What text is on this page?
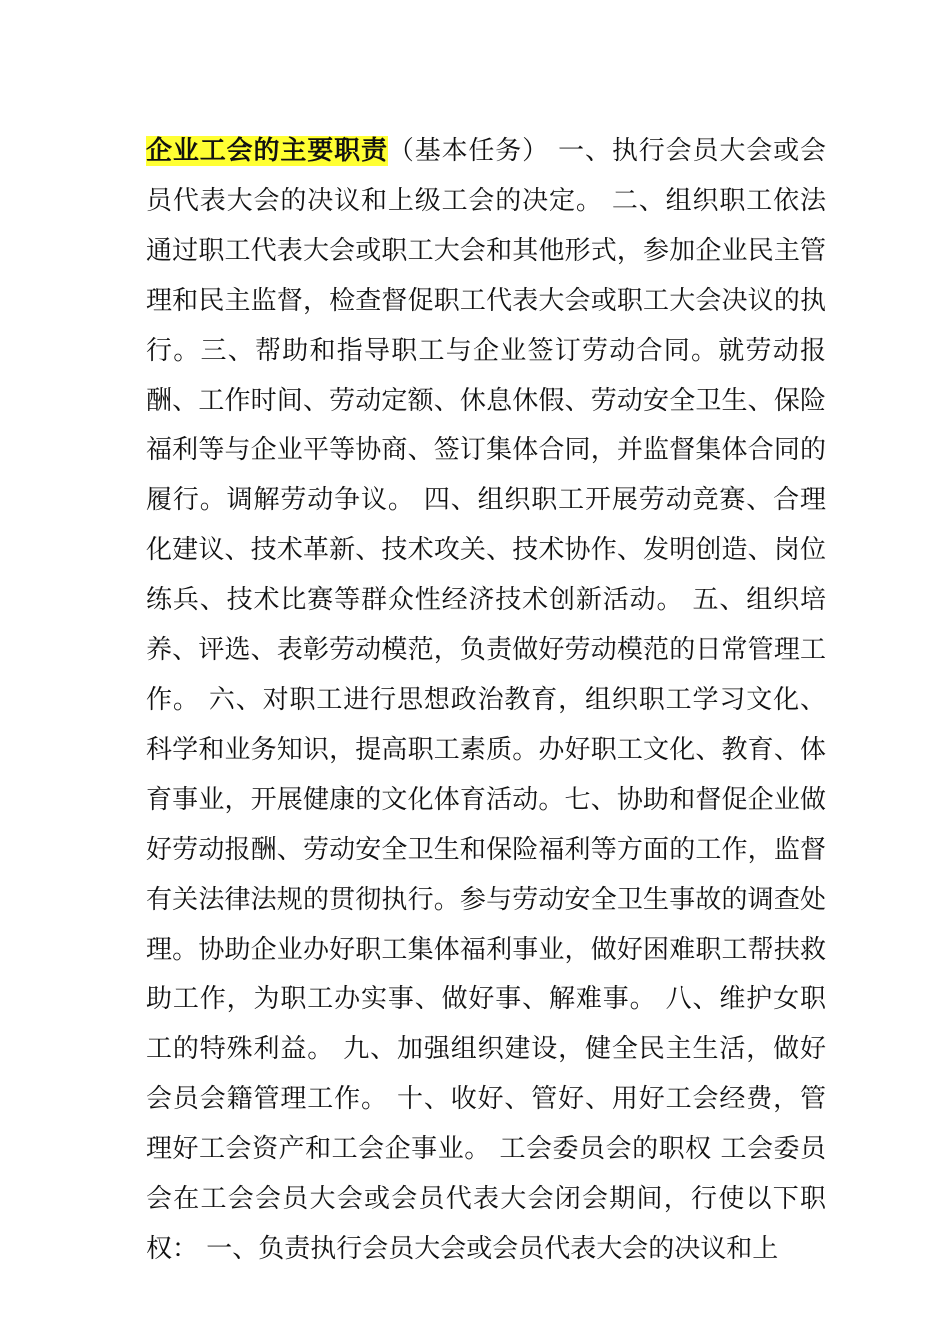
企业工会的主要职责（基本任务） 一、执行会员大会或会员代表大会的决议和上级工会的决定。 二、组织职工依法通过职工代表大会或职工大会和其他形式，参加企业民主管理和民主监督，检查督促职工代表大会或职工大会决议的执行。三、帮助和指导职工与企业签订劳动合同。就劳动报酬、工作时间、劳动定额、休息休假、劳动安全卫生、保险福利等与企业平等协商、签订集体合同，并监督集体合同的履行。调解劳动争议。 四、组织职工开展劳动竞赛、合理化建议、技术革新、技术攻关、技术协作、发明创造、岗位练兵、技术比赛等群众性经济技术创新活动。 五、组织培养、评选、表彰劳动模范，负责做好劳动模范的日常管理工作。 六、对职工进行思想政治教育，组织职工学习文化、科学和业务知识，提高职工素质。办好职工文化、教育、体育事业，开展健康的文化体育活动。七、协助和督促企业做好劳动报酬、劳动安全卫生和保险福利等方面的工作，监督有关法律法规的贯彻执行。参与劳动安全卫生事故的调查处理。协助企业办好职工集体福利事业，做好困难职工帮扶救助工作，为职工办实事、做好事、解难事。 八、维护女职工的特殊利益。 九、加强组织建设，健全民主生活，做好会员会籍管理工作。 十、收好、管好、用好工会经费，管理好工会资产和工会企事业。 工会委员会的职权 工会委员会在工会会员大会或会员代表大会闭会期间，行使以下职权： 一、负责执行会员大会或会员代表大会的决议和上
